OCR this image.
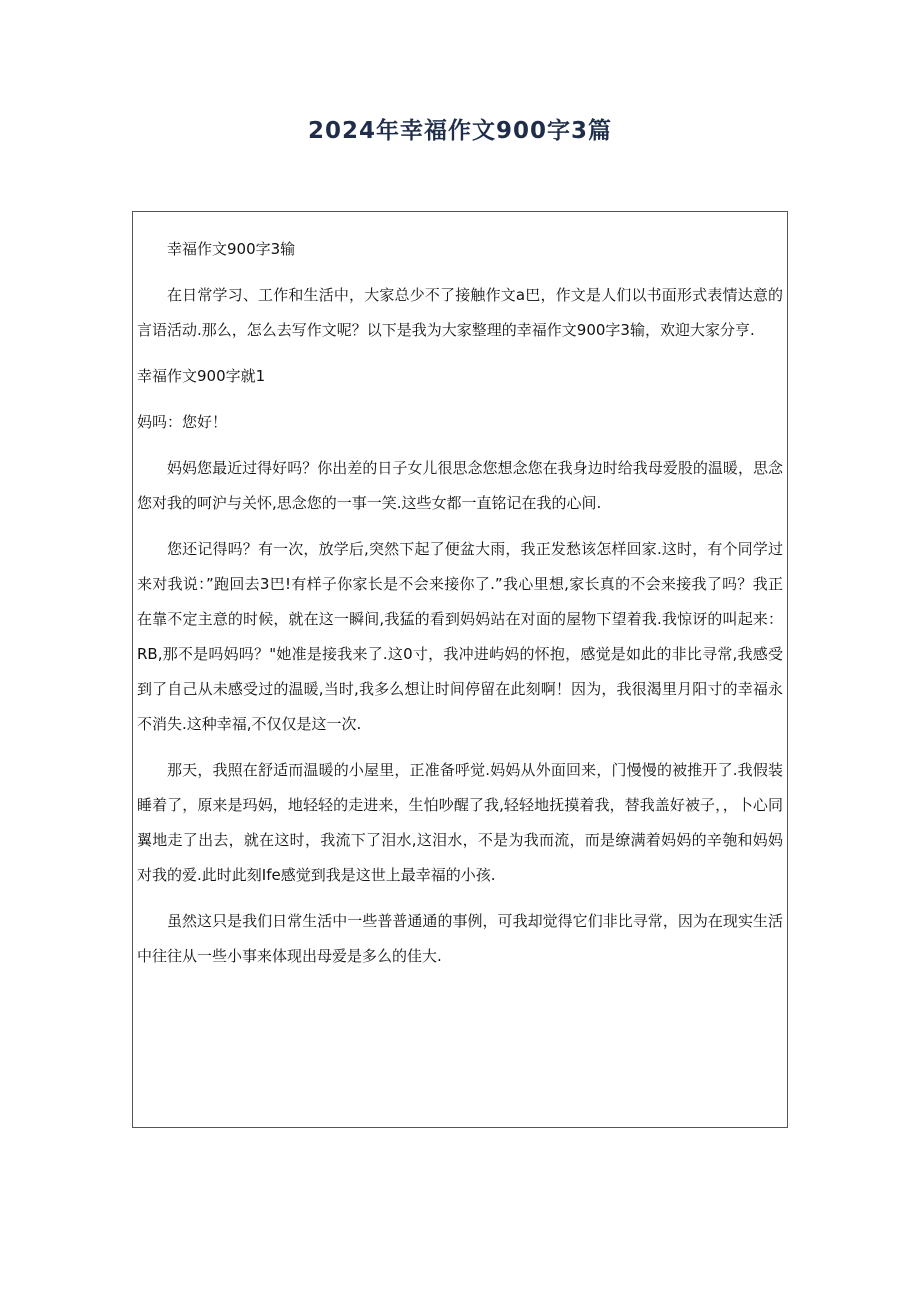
2024年幸福作文900字3篇

幸福作文900字3输

在日常学习、工作和生活中，大家总少不了接触作文a巴，作文是人们以书面形式表情达意的言语活动.那么，怎么去写作文呢？以下是我为大家整理的幸福作文900字3输，欢迎大家分亨.

幸福作文900字就1

妈吗：您好！

妈妈您最近过得好吗？你出差的日子女儿很思念您想念您在我身边时给我母爱股的温暖，思念您对我的呵沪与关怀,思念您的一事一笑.这些女都一直铭记在我的心间.

您还记得吗？有一次，放学后,突然下起了便盆大雨，我正发愁该怎样回家.这时，有个同学过来对我说：”跑回去3巴!有样子你家长是不会来接你了.”我心里想,家长真的不会来接我了吗？我正在靠不定主意的时候，就在这一瞬间,我猛的看到妈妈站在对面的屋物下望着我.我惊讶的叫起来：RB,那不是吗妈吗？"她准是接我来了.这0寸，我冲进屿妈的怀抱，感觉是如此的非比寻常,我感受到了自己从未感受过的温暖,当时,我多么想让时间停留在此刻啊！因为，我很渴里月阳寸的幸福永不消失.这种幸福,不仅仅是这一次.

那天，我照在舒适而温暖的小屋里，正准备呼觉.妈妈从外面回来，门慢慢的被推开了.我假装睡着了，原来是玛妈，地轻轻的走进来，生怕吵醒了我,轻轻地抚摸着我，替我盖好被子，，卜心同翼地走了出去，就在这时，我流下了泪水,这泪水，不是为我而流，而是缭满着妈妈的辛匏和妈妈对我的爱.此时此刻Ife感觉到我是这世上最幸福的小孩.

虽然这只是我们日常生活中一些普普通通的事例，可我却觉得它们非比寻常，因为在现实生活中往往从一些小事来体现出母爱是多么的佳大.
